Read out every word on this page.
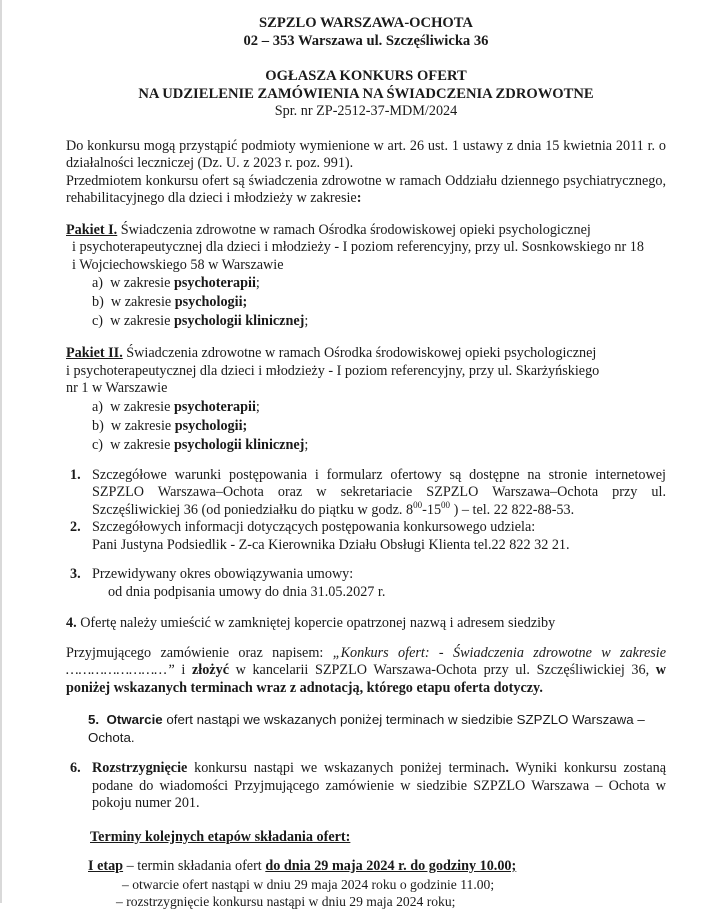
SZPZLO WARSZAWA-OCHOTA
02 – 353 Warszawa ul. Szczęśliwicka 36
OGŁASZA KONKURS OFERT
NA UDZIELENIE ZAMÓWIENIA NA ŚWIADCZENIA ZDROWOTNE
Spr. nr ZP-2512-37-MDM/2024
Do konkursu mogą przystąpić podmioty wymienione w art. 26 ust. 1 ustawy z dnia 15 kwietnia 2011 r. o działalności leczniczej (Dz. U. z 2023 r. poz. 991).
Przedmiotem konkursu ofert są świadczenia zdrowotne w ramach Oddziału dziennego psychiatrycznego, rehabilitacyjnego dla dzieci i młodzieży w zakresie:
Pakiet I. Świadczenia zdrowotne w ramach Ośrodka środowiskowej opieki psychologicznej
i psychoterapeutycznej dla dzieci i młodzieży - I poziom referencyjny, przy ul. Sosnkowskiego nr 18
i Wojciechowskiego 58 w Warszawie
a) w zakresie psychoterapii;
b) w zakresie psychologii;
c) w zakresie psychologii klinicznej;
Pakiet II. Świadczenia zdrowotne w ramach Ośrodka środowiskowej opieki psychologicznej
i psychoterapeutycznej dla dzieci i młodzieży - I poziom referencyjny, przy ul. Skarżyńskiego
nr 1 w Warszawie
a) w zakresie psychoterapii;
b) w zakresie psychologii;
c) w zakresie psychologii klinicznej;
1. Szczegółowe warunki postępowania i formularz ofertowy są dostępne na stronie internetowej SZPZLO Warszawa–Ochota oraz w sekretariacie SZPZLO Warszawa–Ochota przy ul. Szczęśliwickiej 36 (od poniedziałku do piątku w godz. $8^{00}-15^{00}$ ) – tel. 22 822-88-53.
2. Szczegółowych informacji dotyczących postępowania konkursowego udziela:
Pani Justyna Podsiedlik - Z-ca Kierownika Działu Obsługi Klienta tel.22 822 32 21.
3. Przewidywany okres obowiązywania umowy:
od dnia podpisania umowy do dnia 31.05.2027 r.
4. Ofertę należy umieścić w zamkniętej kopercie opatrzonej nazwą i adresem siedziby
Przyjmującego zamówienie oraz napisem: „Konkurs ofert: - Świadczenia zdrowotne w zakresie ……………………” i złożyć w kancelarii SZPZLO Warszawa-Ochota przy ul. Szczęśliwickiej 36, w poniżej wskazanych terminach wraz z adnotacją, którego etapu oferta dotyczy.
5. Otwarcie ofert nastąpi we wskazanych poniżej terminach w siedzibie SZPZLO Warszawa – Ochota.
6. Rozstrzygnięcie konkursu nastąpi we wskazanych poniżej terminach. Wyniki konkursu zostaną podane do wiadomości Przyjmującego zamówienie w siedzibie SZPZLO Warszawa – Ochota w pokoju numer 201.
Terminy kolejnych etapów składania ofert:
I etap – termin składania ofert do dnia 29 maja 2024 r. do godziny 10.00;
– otwarcie ofert nastąpi w dniu 29 maja 2024 roku o godzinie 11.00;
– rozstrzygnięcie konkursu nastąpi w dniu 29 maja 2024 roku;
